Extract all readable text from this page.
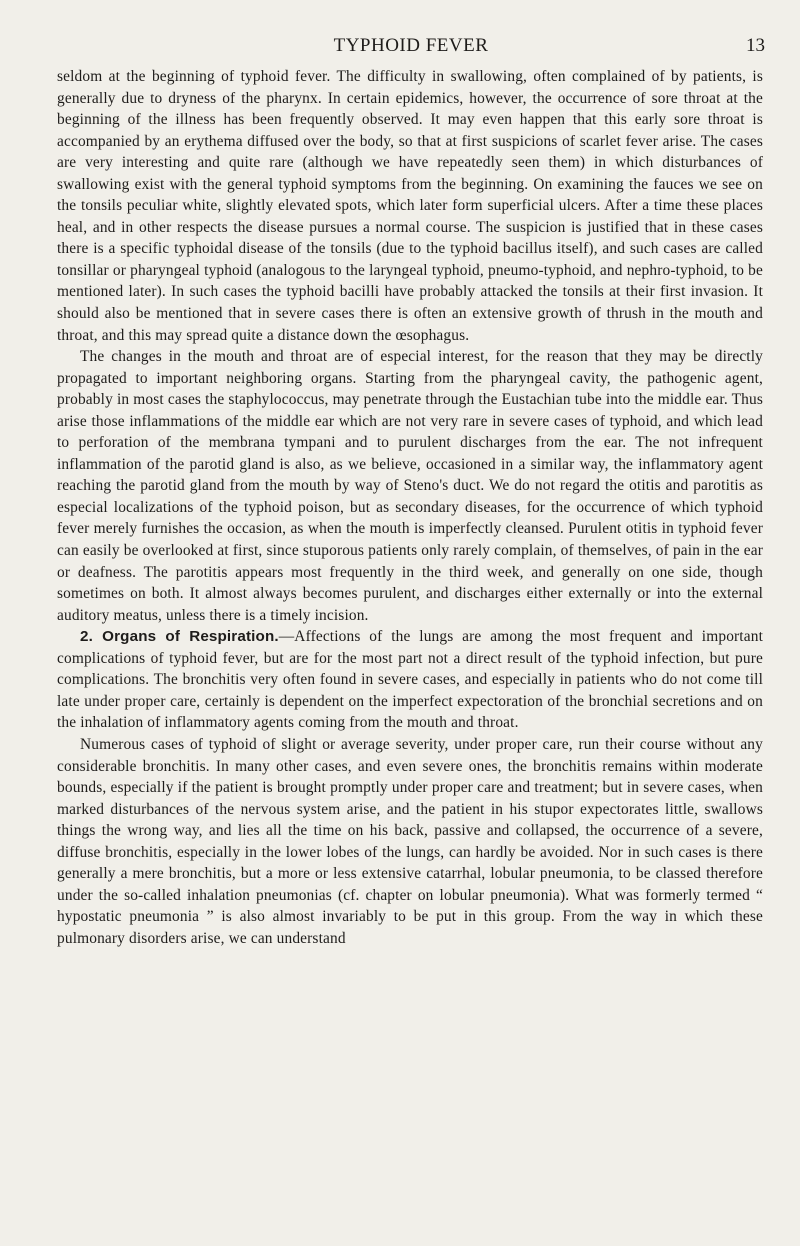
TYPHOID FEVER	13

seldom at the beginning of typhoid fever. The difficulty in swallowing, often complained of by patients, is generally due to dryness of the pharynx. In certain epidemics, however, the occurrence of sore throat at the beginning of the illness has been frequently observed. It may even happen that this early sore throat is accompanied by an erythema diffused over the body, so that at first suspicions of scarlet fever arise. The cases are very interesting and quite rare (although we have repeatedly seen them) in which disturbances of swallowing exist with the general typhoid symptoms from the beginning. On examining the fauces we see on the tonsils peculiar white, slightly elevated spots, which later form superficial ulcers. After a time these places heal, and in other respects the disease pursues a normal course. The suspicion is justified that in these cases there is a specific typhoidal disease of the tonsils (due to the typhoid bacillus itself), and such cases are called tonsillar or pharyngeal typhoid (analogous to the laryngeal typhoid, pneumo-typhoid, and nephro-typhoid, to be mentioned later). In such cases the typhoid bacilli have probably attacked the tonsils at their first invasion. It should also be mentioned that in severe cases there is often an extensive growth of thrush in the mouth and throat, and this may spread quite a distance down the œsophagus.

The changes in the mouth and throat are of especial interest, for the reason that they may be directly propagated to important neighboring organs. Starting from the pharyngeal cavity, the pathogenic agent, probably in most cases the staphylococcus, may penetrate through the Eustachian tube into the middle ear. Thus arise those inflammations of the middle ear which are not very rare in severe cases of typhoid, and which lead to perforation of the membrana tympani and to purulent discharges from the ear. The not infrequent inflammation of the parotid gland is also, as we believe, occasioned in a similar way, the inflammatory agent reaching the parotid gland from the mouth by way of Steno's duct. We do not regard the otitis and parotitis as especial localizations of the typhoid poison, but as secondary diseases, for the occurrence of which typhoid fever merely furnishes the occasion, as when the mouth is imperfectly cleansed. Purulent otitis in typhoid fever can easily be overlooked at first, since stuporous patients only rarely complain, of themselves, of pain in the ear or deafness. The parotitis appears most frequently in the third week, and generally on one side, though sometimes on both. It almost always becomes purulent, and discharges either externally or into the external auditory meatus, unless there is a timely incision.

2. Organs of Respiration.—Affections of the lungs are among the most frequent and important complications of typhoid fever, but are for the most part not a direct result of the typhoid infection, but pure complications. The bronchitis very often found in severe cases, and especially in patients who do not come till late under proper care, certainly is dependent on the imperfect expectoration of the bronchial secretions and on the inhalation of inflammatory agents coming from the mouth and throat.

Numerous cases of typhoid of slight or average severity, under proper care, run their course without any considerable bronchitis. In many other cases, and even severe ones, the bronchitis remains within moderate bounds, especially if the patient is brought promptly under proper care and treatment; but in severe cases, when marked disturbances of the nervous system arise, and the patient in his stupor expectorates little, swallows things the wrong way, and lies all the time on his back, passive and collapsed, the occurrence of a severe, diffuse bronchitis, especially in the lower lobes of the lungs, can hardly be avoided. Nor in such cases is there generally a mere bronchitis, but a more or less extensive catarrhal, lobular pneumonia, to be classed therefore under the so-called inhalation pneumonias (cf. chapter on lobular pneumonia). What was formerly termed “ hypostatic pneumonia ” is also almost invariably to be put in this group. From the way in which these pulmonary disorders arise, we can understand
